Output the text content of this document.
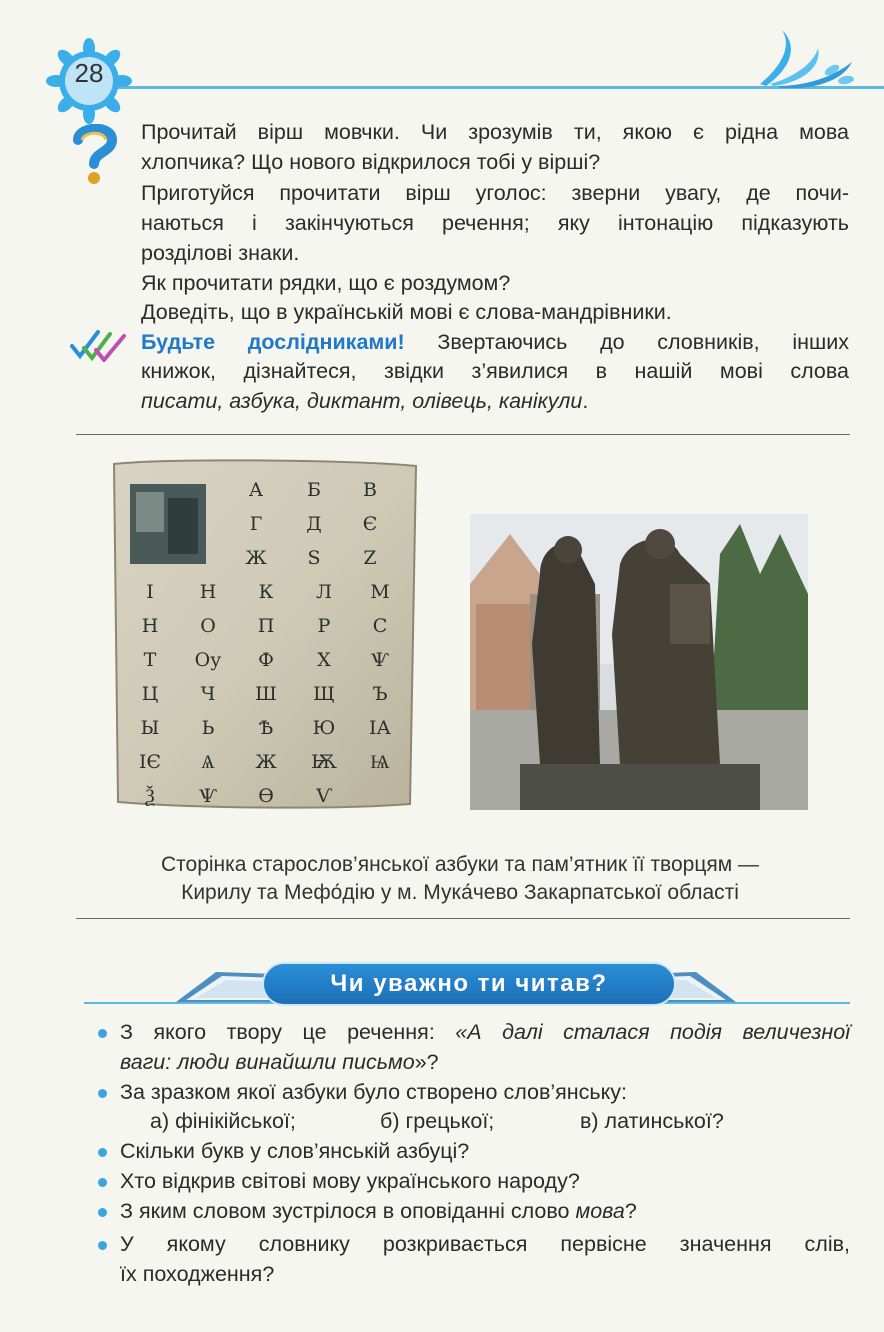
28
Прочитай вірш мовчки. Чи зрозумів ти, якою є рідна мова
хлопчика? Що нового відкрилося тобі у вірші?
Приготуйся прочитати вірш уголос: зверни увагу, де почи-
наються і закінчуються речення; яку інтонацію підказують
розділові знаки.
Як прочитати рядки, що є роздумом?
Доведіть, що в українській мові є слова-мандрівники.
Будьте дослідниками! Звертаючись до словників, інших
книжок, дізнайтеся, звідки з’явилися в нашій мові слова
писати, азбука, диктант, олівець, канікули.
А Б В
Г Д Є
Ж S Z
І Н К Л М
Н О П Р С
Т Оу Ф Х Ѱ
Ц Ч Ш Щ Ъ
Ы Ь Ѣ Ю ІА
ІЄ Ѧ Ж Ѭ Ѩ
Ѯ Ѱ Ѳ Ѵ
Сторінка старослов’янської азбуки та пам’ятник її творцям —
Кирилу та Мефо́дію у м. Мука́чево Закарпатської області
Чи уважно ти читав?
З якого твору це речення: «А далі сталася подія величезної
ваги: люди винайшли письмо»?
За зразком якої азбуки було створено слов’янську:
а) фінікійської;	б) грецької;	в) латинської?
Скільки букв у слов’янській азбуці?
Хто відкрив світові мову українського народу?
З яким словом зустрілося в оповіданні слово мова?
У якому словнику розкривається первісне значення слів,
їх походження?
